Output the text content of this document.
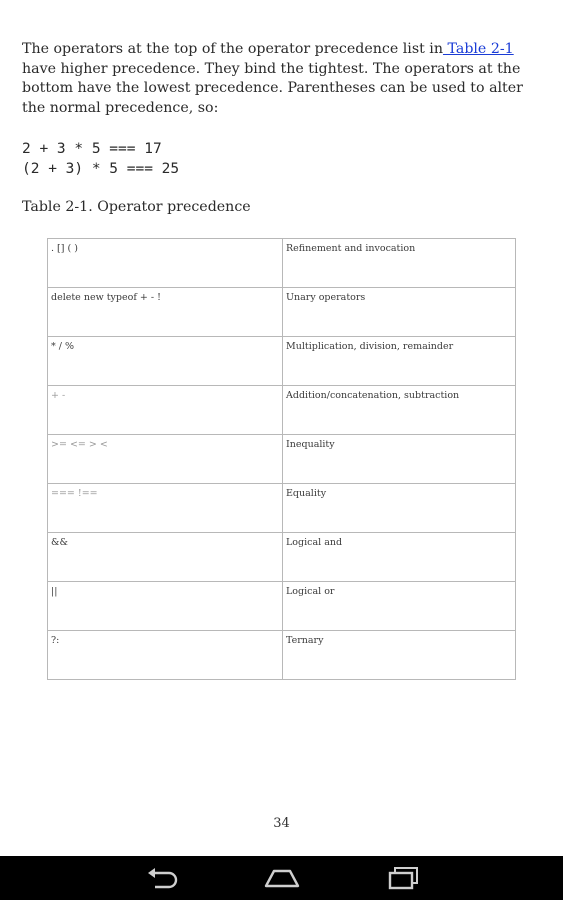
The operators at the top of the operator precedence list in Table 2-1 have higher precedence. They bind the tightest. The operators at the bottom have the lowest precedence. Parentheses can be used to alter the normal precedence, so:
2 + 3 * 5 === 17
(2 + 3) * 5 === 25
Table 2-1. Operator precedence
. [] ( )	Refinement and invocation
delete new typeof + - !	Unary operators
* / %	Multiplication, division, remainder
+ -	Addition/concatenation, subtraction
>= <= > <	Inequality
=== !==	Equality
&&	Logical and
||	Logical or
?:	Ternary
34
